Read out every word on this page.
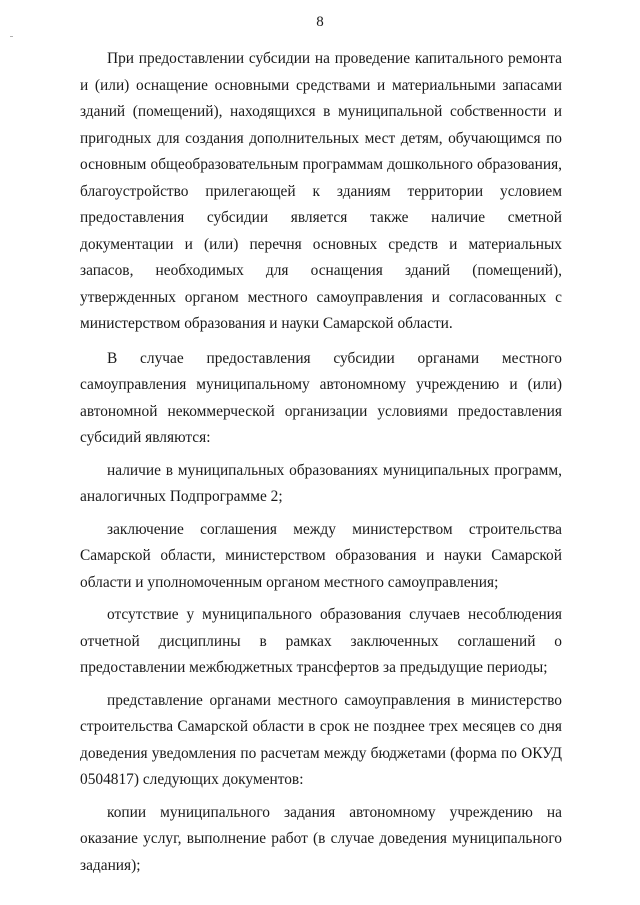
8

При предоставлении субсидии на проведение капитального ремонта и (или) оснащение основными средствами и материальными запасами зданий (помещений), находящихся в муниципальной собственности и пригодных для создания дополнительных мест детям, обучающимся по основным общеобразовательным программам дошкольного образования, благоустройство прилегающей к зданиям территории условием предоставления субсидии является также наличие сметной документации и (или) перечня основных средств и материальных запасов, необходимых для оснащения зданий (помещений), утвержденных органом местного самоуправления и согласованных с министерством образования и науки Самарской области.

В случае предоставления субсидии органами местного самоуправления муниципальному автономному учреждению и (или) автономной некоммерческой организации условиями предоставления субсидий являются:

наличие в муниципальных образованиях муниципальных программ, аналогичных Подпрограмме 2;

заключение соглашения между министерством строительства Самарской области, министерством образования и науки Самарской области и уполномоченным органом местного самоуправления;

отсутствие у муниципального образования случаев несоблюдения отчетной дисциплины в рамках заключенных соглашений о предоставлении межбюджетных трансфертов за предыдущие периоды;

представление органами местного самоуправления в министерство строительства Самарской области в срок не позднее трех месяцев со дня доведения уведомления по расчетам между бюджетами (форма по ОКУД 0504817) следующих документов:

копии муниципального задания автономному учреждению на оказание услуг, выполнение работ (в случае доведения муниципального задания);
